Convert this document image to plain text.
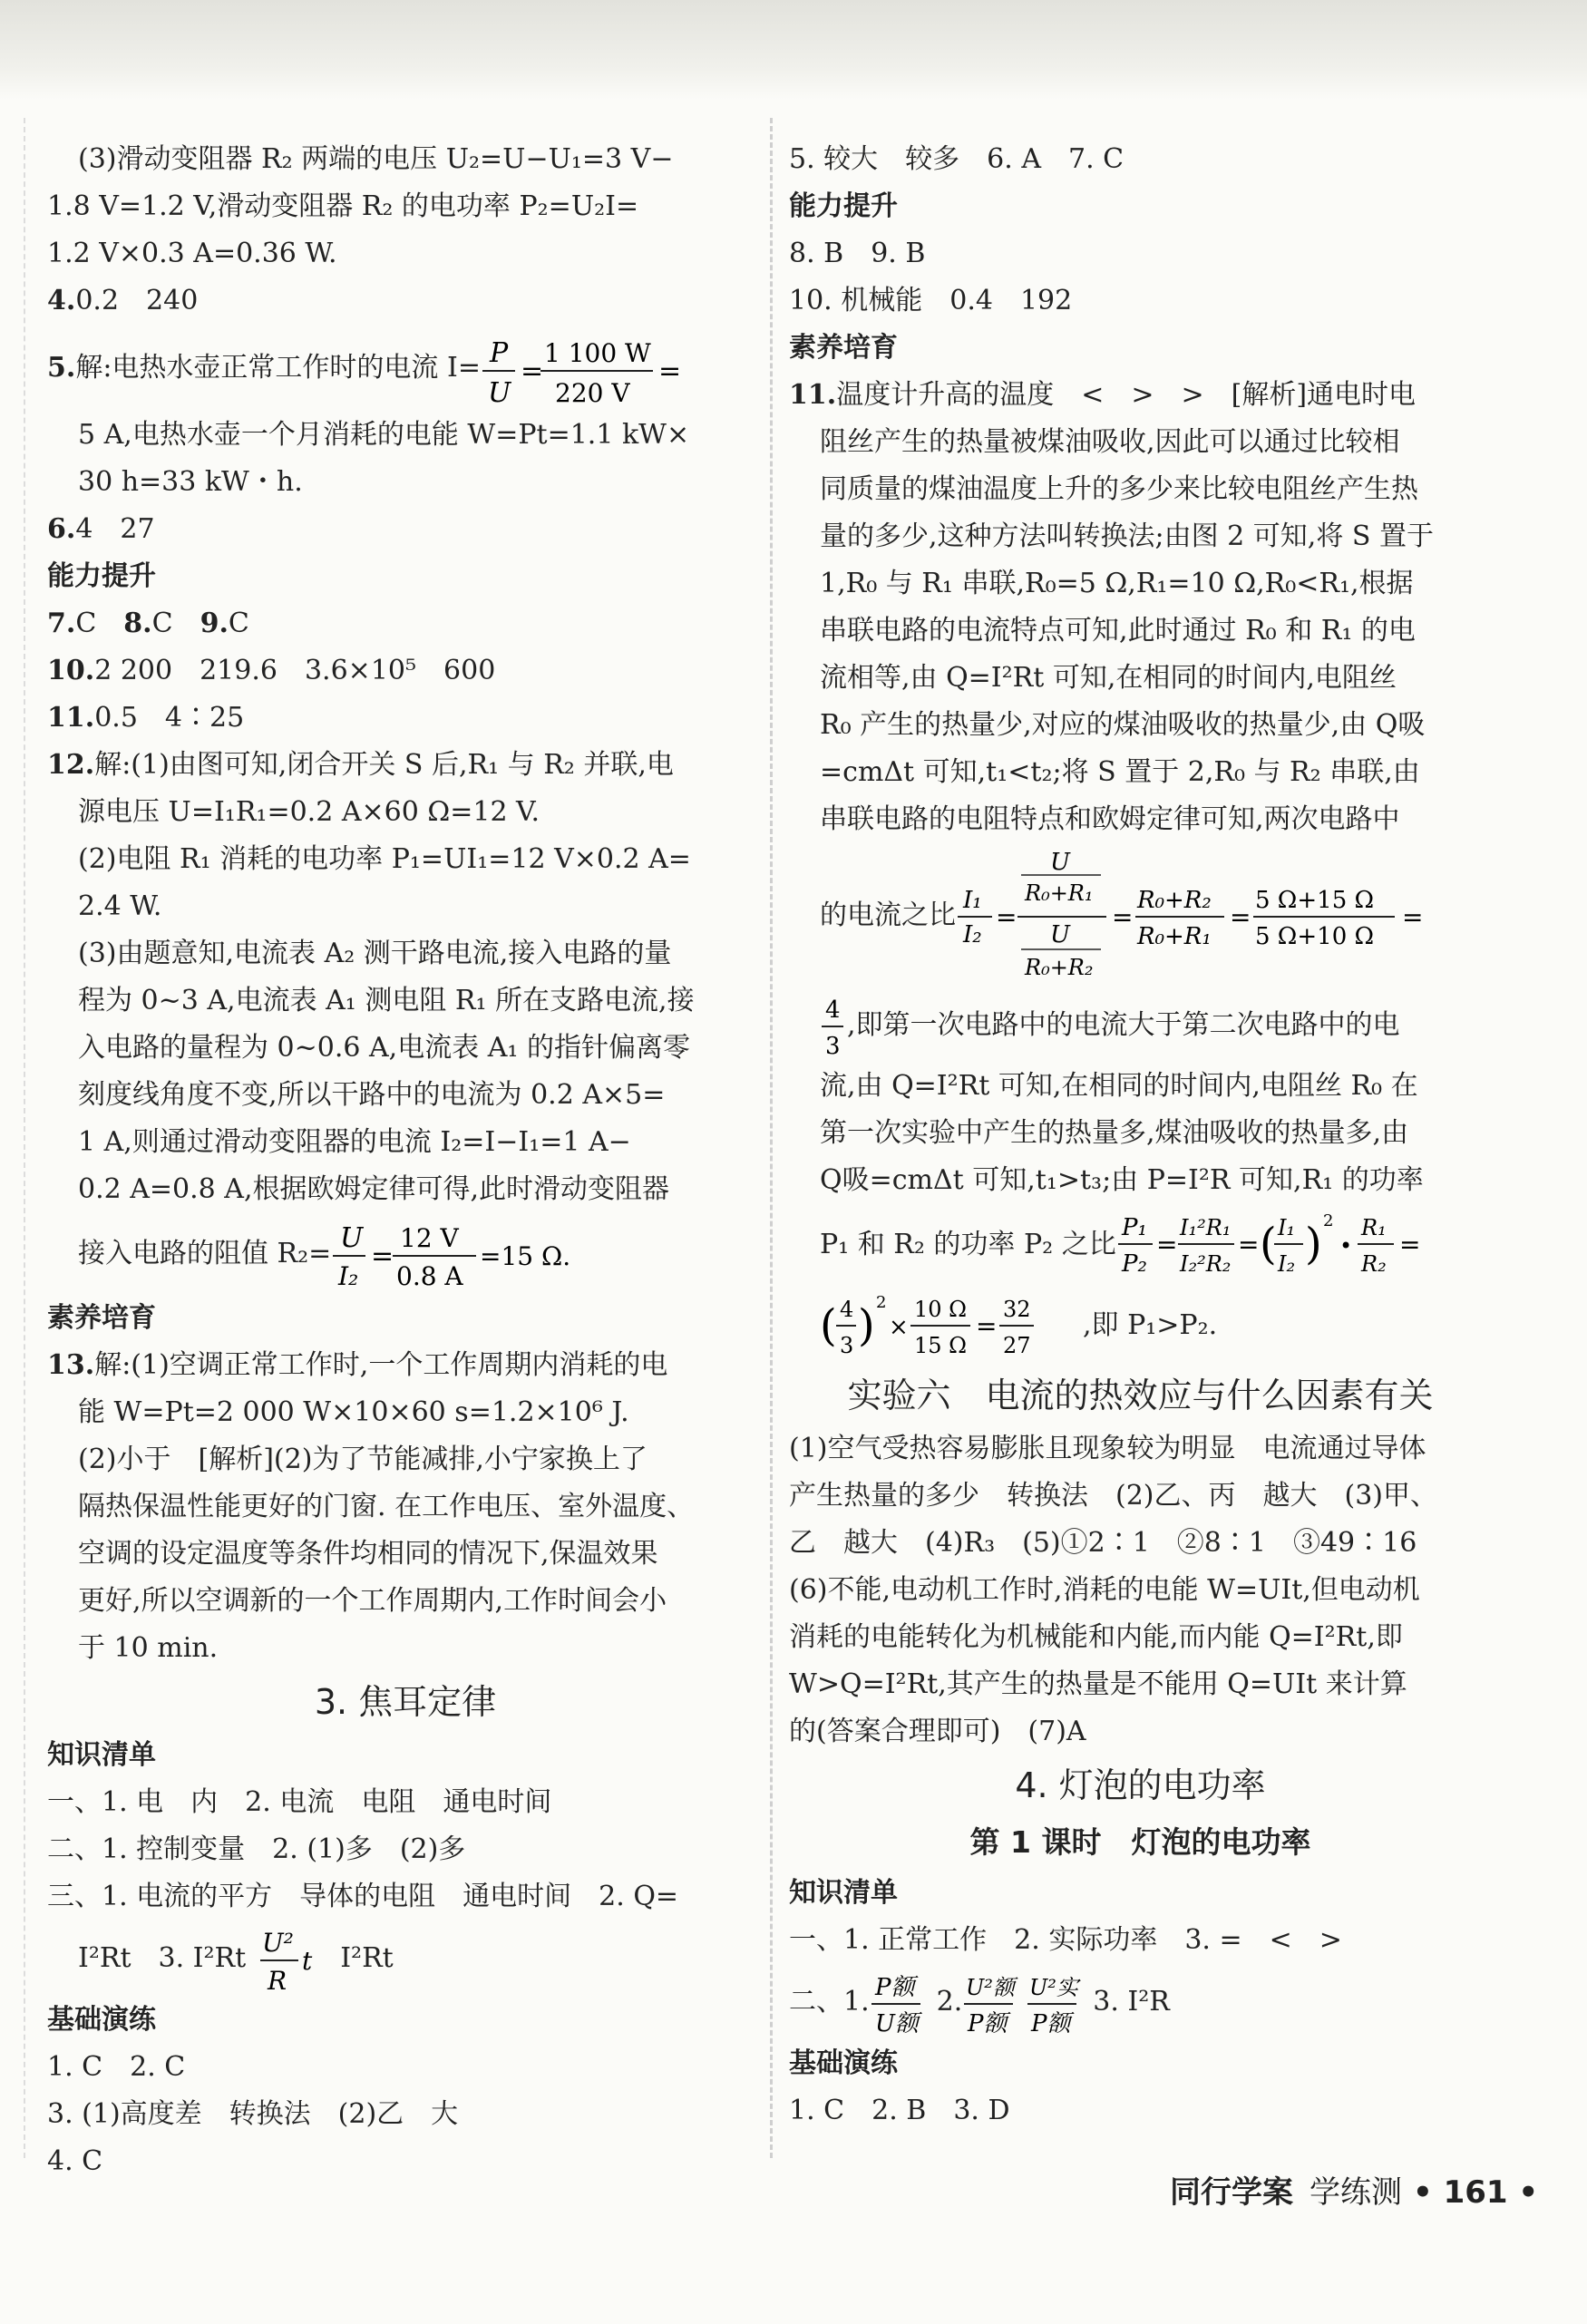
(3)滑动变阻器 R₂ 两端的电压 U₂=U−U₁=3 V−

1.8 V=1.2 V,滑动变阻器 R₂ 的电功率 P₂=U₂I=

1.2 V×0.3 A=0.36 W.

4.0.2　240

5. 解:电热水壶正常工作时的电流 I= P
U
=
1 100 W
220 V
=

5 A,电热水壶一个月消耗的电能 W=Pt=1.1 kW×

30 h=33 kW・h.

6.4　27

能力提升

7.C　 8.C　 9.C

10.2 200　219.6　3.6×10⁵　600

11.0.5　4∶25

12.解:(1)由图可知,闭合开关 S 后,R₁ 与 R₂ 并联,电

源电压 U=I₁R₁=0.2 A×60 Ω=12 V.

(2)电阻 R₁ 消耗的电功率 P₁=UI₁=12 V×0.2 A=

2.4 W.

(3)由题意知,电流表 A₂ 测干路电流,接入电路的量

程为 0~3 A,电流表 A₁ 测电阻 R₁ 所在支路电流,接

入电路的量程为 0~0.6 A,电流表 A₁ 的指针偏离零

刻度线角度不变,所以干路中的电流为 0.2 A×5=

1 A,则通过滑动变阻器的电流 I₂=I−I₁=1 A−

0.2 A=0.8 A,根据欧姆定律可得,此时滑动变阻器

接入电路的阻值 R₂= U
I₂
=
12 V
0.8 A
=15 Ω.

素养培育

13.解:(1)空调正常工作时,一个工作周期内消耗的电

能 W=Pt=2 000 W×10×60 s=1.2×10⁶ J.

(2)小于　[解析](2)为了节能减排,小宁家换上了

隔热保温性能更好的门窗. 在工作电压、室外温度、

空调的设定温度等条件均相同的情况下,保温效果

更好,所以空调新的一个工作周期内,工作时间会小

于 10 min.

3. 焦耳定律

知识清单

一、1. 电　内　2. 电流　电阻　通电时间

二、1. 控制变量　2. (1)多　(2)多

三、1. 电流的平方　导体的电阻　通电时间　2. Q=

I²Rt　3. I²Rt U²
R
t I²Rt

基础演练

1. C　2. C

3. (1)高度差　转换法　(2)乙　大

4. C

5. 较大　较多　6. A　7. C

能力提升

8. B　9. B

10. 机械能　0.4　192

素养培育

11.温度计升高的温度　<　>　>　[解析]通电时电

阻丝产生的热量被煤油吸收,因此可以通过比较相

同质量的煤油温度上升的多少来比较电阻丝产生热

量的多少,这种方法叫转换法;由图 2 可知,将 S 置于

1,R₀ 与 R₁ 串联,R₀=5 Ω,R₁=10 Ω,R₀<R₁,根据

串联电路的电流特点可知,此时通过 R₀ 和 R₁ 的电

流相等,由 Q=I²Rt 可知,在相同的时间内,电阻丝

R₀ 产生的热量少,对应的煤油吸收的热量少,由 Q吸

=cmΔt 可知,t₁<t₂;将 S 置于 2,R₀ 与 R₂ 串联,由

串联电路的电阻特点和欧姆定律可知,两次电路中

的电流之比 I₁
I₂
=
U
R₀+R₁
U
R₀+R₂
=
R₀+R₂
R₀+R₁
=
5 Ω+15 Ω
5 Ω+10 Ω
=
4
3
,即第一次电路中的电流大于第二次电路中的电

流,由 Q=I²Rt 可知,在相同的时间内,电阻丝 R₀ 在

第一次实验中产生的热量多,煤油吸收的热量多,由

Q吸=cmΔt 可知,t₁>t₃;由 P=I²R 可知,R₁ 的功率

P₁ 和 R₂ 的功率 P₂ 之比
P₁
P₂
=
I₁²R₁
I₂²R₂
= ( I₁
I₂ ) 2
•
R₁
R₂
=
( 4
3 ) 2
×
10 Ω
15 Ω
=
32
27
,即 P₁>P₂.

实验六　电流的热效应与什么因素有关

(1)空气受热容易膨胀且现象较为明显　电流通过导体

产生热量的多少　转换法　(2)乙、丙　越大　(3)甲、

乙　越大　(4)R₃　(5)①2∶1　②8∶1　③49∶16

(6)不能,电动机工作时,消耗的电能 W=UIt,但电动机

消耗的电能转化为机械能和内能,而内能 Q=I²Rt,即

W>Q=I²Rt,其产生的热量是不能用 Q=UIt 来计算

的(答案合理即可)　(7)A

4. 灯泡的电功率

第 1 课时　灯泡的电功率

知识清单

一、1. 正常工作　2. 实际功率　3. =　<　>

二、1. P额
U额
2. U²额
P额
U²实
P额
3. I²R

基础演练

1. C　2. B　3. D

同行学案 学练测 • 161 •
